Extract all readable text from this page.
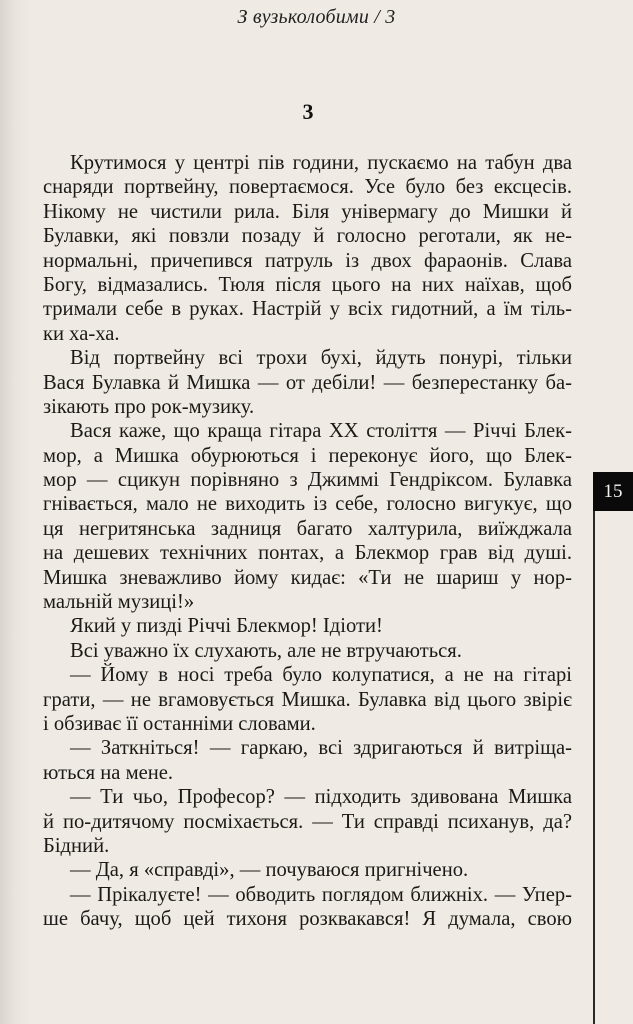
З вузьколобими / 3
3
Крутимося у центрі пів години, пускаємо на табун два
снаряди портвейну, повертаємося. Усе було без ексцесів.
Нікому не чистили рила. Біля універмагу до Мишки й
Булавки, які повзли позаду й голосно реготали, як не-
нормальні, причепився патруль із двох фараонів. Слава
Богу, відмазались. Тюля після цього на них наїхав, щоб
тримали себе в руках. Настрій у всіх гидотний, а їм тіль-
ки ха-ха.
Від портвейну всі трохи бухі, йдуть понурі, тільки
Вася Булавка й Мишка — от дебіли! — безперестанку ба-
зікають про рок-музику.
Вася каже, що краща гітара XX століття — Річчі Блек-
мор, а Мишка обурюються і переконує його, що Блек-
мор — сцикун порівняно з Джиммі Гендріксом. Булавка
гнівається, мало не виходить із себе, голосно вигукує, що
ця негритянська задниця багато халтурила, виїжджала
на дешевих технічних понтах, а Блекмор грав від душі.
Мишка зневажливо йому кидає: «Ти не шариш у нор-
мальній музиці!»
Який у пизді Річчі Блекмор! Ідіоти!
Всі уважно їх слухають, але не втручаються.
— Йому в носі треба було колупатися, а не на гітарі
грати, — не вгамовується Мишка. Булавка від цього звіріє
і обзиває її останніми словами.
— Заткніться! — гаркаю, всі здригаються й витріща-
ються на мене.
— Ти чьо, Професор? — підходить здивована Мишка
й по-дитячому посміхається. — Ти справді психанув, да?
Бідний.
— Да, я «справді», — почуваюся пригнічено.
— Прікалуєте! — обводить поглядом ближніх. — Упер-
ше бачу, щоб цей тихоня розквакався! Я думала, свою
15
